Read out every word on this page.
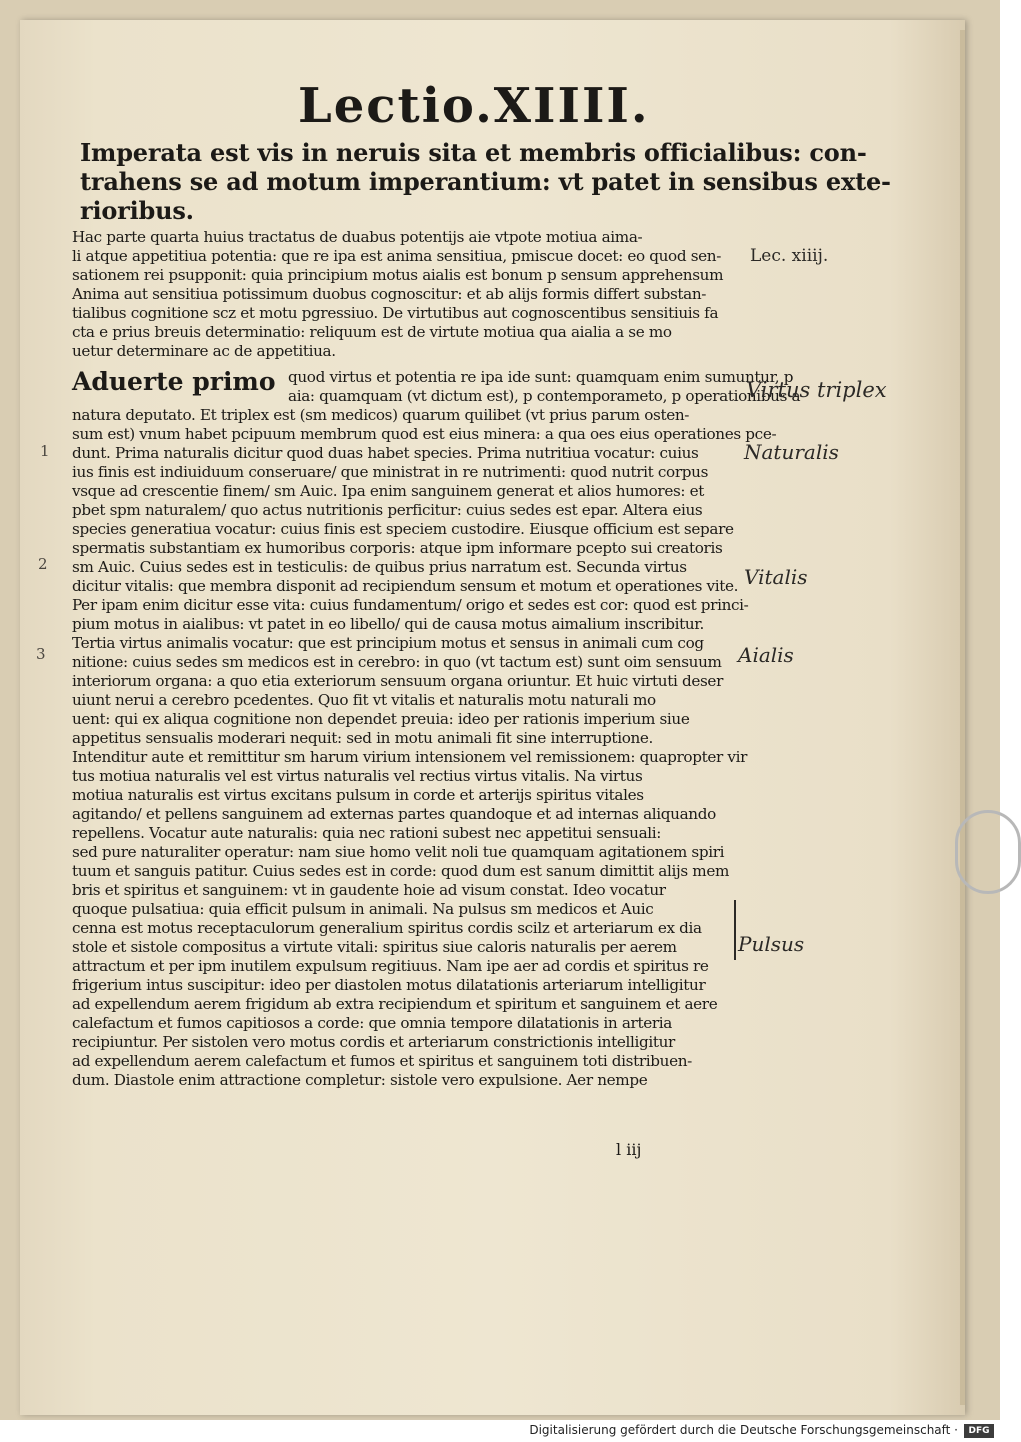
Lectio.XIIII.
Imperata est vis in neruis sita et membris officialibus: con-
trahens se ad motum imperantium: vt patet in sensibus exte-
rioribus.
Hac parte quarta huius tractatus de duabus potentijs aie vtpote motiua aima-
li atque appetitiua potentia: que re ipa est anima sensitiua, pmiscue docet: eo quod sen-
sationem rei psupponit: quia principium motus aialis est bonum p sensum apprehensum
Anima aut sensitiua potissimum duobus cognoscitur: et ab alijs formis differt substan-
tialibus cognitione scz et motu pgressiuo. De virtutibus aut cognoscentibus sensitiuis fa
cta e prius breuis determinatio: reliquum est de virtute motiua qua aialia a se mo
uetur determinare ac de appetitiua.
Aduerte primo quod virtus et potentia re ipa ide sunt: quamquam enim sumuntur, p
aia: quamquam (vt dictum est), p contemporameto, p operationibus a
natura deputato. Et triplex est (sm medicos) quarum quilibet (vt prius parum osten-
sum est) vnum habet pcipuum membrum quod est eius minera: a qua oes eius operationes pce-
dunt. Prima naturalis dicitur quod duas habet species. Prima nutritiua vocatur: cuius
ius finis est indiuiduum conseruare/ que ministrat in re nutrimenti: quod nutrit corpus
vsque ad crescentie finem/ sm Auic. Ipa enim sanguinem generat et alios humores: et
pbet spm naturalem/ quo actus nutritionis perficitur: cuius sedes est epar. Altera eius
species generatiua vocatur: cuius finis est speciem custodire. Eiusque officium est separe
spermatis substantiam ex humoribus corporis: atque ipm informare pcepto sui creatoris
sm Auic. Cuius sedes est in testiculis: de quibus prius narratum est. Secunda virtus
dicitur vitalis: que membra disponit ad recipiendum sensum et motum et operationes vite.
Per ipam enim dicitur esse vita: cuius fundamentum/ origo et sedes est cor: quod est princi-
pium motus in aialibus: vt patet in eo libello/ qui de causa motus aimalium inscribitur.
Tertia virtus animalis vocatur: que est principium motus et sensus in animali cum cog
nitione: cuius sedes sm medicos est in cerebro: in quo (vt tactum est) sunt oim sensuum
interiorum organa: a quo etia exteriorum sensuum organa oriuntur. Et huic virtuti deser
uiunt nerui a cerebro pcedentes. Quo fit vt vitalis et naturalis motu naturali mo
uent: qui ex aliqua cognitione non dependet preuia: ideo per rationis imperium siue
appetitus sensualis moderari nequit: sed in motu animali fit sine interruptione.
Intenditur aute et remittitur sm harum virium intensionem vel remissionem: quapropter vir
tus motiua naturalis vel est virtus naturalis vel rectius virtus vitalis. Na virtus
motiua naturalis est virtus excitans pulsum in corde et arterijs spiritus vitales
agitando/ et pellens sanguinem ad externas partes quandoque et ad internas aliquando
repellens. Vocatur aute naturalis: quia nec rationi subest nec appetitui sensuali:
sed pure naturaliter operatur: nam siue homo velit noli tue quamquam agitationem spiri
tuum et sanguis patitur. Cuius sedes est in corde: quod dum est sanum dimittit alijs mem
bris et spiritus et sanguinem: vt in gaudente hoie ad visum constat. Ideo vocatur
quoque pulsatiua: quia efficit pulsum in animali. Na pulsus sm medicos et Auic
cenna est motus receptaculorum generalium spiritus cordis scilz et arteriarum ex dia
stole et sistole compositus a virtute vitali: spiritus siue caloris naturalis per aerem
attractum et per ipm inutilem expulsum regitiuus. Nam ipe aer ad cordis et spiritus re
frigerium intus suscipitur: ideo per diastolen motus dilatationis arteriarum intelligitur
ad expellendum aerem frigidum ab extra recipiendum et spiritum et sanguinem et aere
calefactum et fumos capitiosos a corde: que omnia tempore dilatationis in arteria
recipiuntur. Per sistolen vero motus cordis et arteriarum constrictionis intelligitur
ad expellendum aerem calefactum et fumos et spiritus et sanguinem toti distribuen-
dum. Diastole enim attractione completur: sistole vero expulsione. Aer nempe
l iij
Lec. xiiij.
Virtus triplex
Naturalis
Vitalis
Aialis
Pulsus
1
2
3
Digitalisierung gefördert durch die Deutsche Forschungsgemeinschaft ·	DFG
